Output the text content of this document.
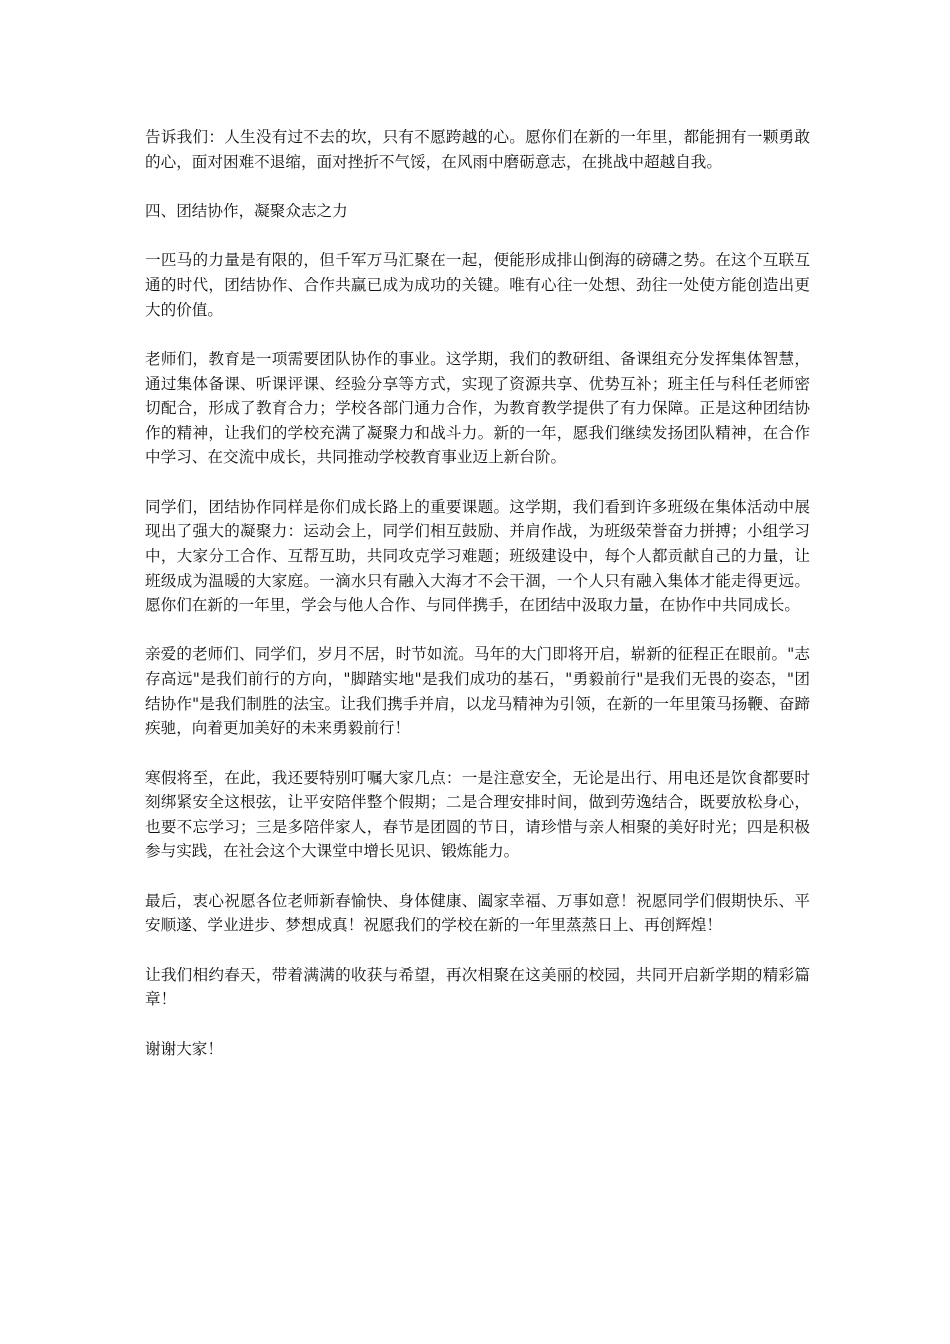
告诉我们：人生没有过不去的坎，只有不愿跨越的心。愿你们在新的一年里，都能拥有一颗勇敢的心，面对困难不退缩，面对挫折不气馁，在风雨中磨砺意志，在挑战中超越自我。

四、团结协作，凝聚众志之力

一匹马的力量是有限的，但千军万马汇聚在一起，便能形成排山倒海的磅礴之势。在这个互联互通的时代，团结协作、合作共赢已成为成功的关键。唯有心往一处想、劲往一处使方能创造出更大的价值。

老师们，教育是一项需要团队协作的事业。这学期，我们的教研组、备课组充分发挥集体智慧，通过集体备课、听课评课、经验分享等方式，实现了资源共享、优势互补；班主任与科任老师密切配合，形成了教育合力；学校各部门通力合作，为教育教学提供了有力保障。正是这种团结协作的精神，让我们的学校充满了凝聚力和战斗力。新的一年，愿我们继续发扬团队精神，在合作中学习、在交流中成长，共同推动学校教育事业迈上新台阶。

同学们，团结协作同样是你们成长路上的重要课题。这学期，我们看到许多班级在集体活动中展现出了强大的凝聚力：运动会上，同学们相互鼓励、并肩作战，为班级荣誉奋力拼搏；小组学习中，大家分工合作、互帮互助，共同攻克学习难题；班级建设中，每个人都贡献自己的力量，让班级成为温暖的大家庭。一滴水只有融入大海才不会干涸，一个人只有融入集体才能走得更远。愿你们在新的一年里，学会与他人合作、与同伴携手，在团结中汲取力量，在协作中共同成长。

亲爱的老师们、同学们，岁月不居，时节如流。马年的大门即将开启，崭新的征程正在眼前。"志存高远"是我们前行的方向，"脚踏实地"是我们成功的基石，"勇毅前行"是我们无畏的姿态，"团结协作"是我们制胜的法宝。让我们携手并肩，以龙马精神为引领，在新的一年里策马扬鞭、奋蹄疾驰，向着更加美好的未来勇毅前行！

寒假将至，在此，我还要特别叮嘱大家几点：一是注意安全，无论是出行、用电还是饮食都要时刻绑紧安全这根弦，让平安陪伴整个假期；二是合理安排时间，做到劳逸结合，既要放松身心，也要不忘学习；三是多陪伴家人，春节是团圆的节日，请珍惜与亲人相聚的美好时光；四是积极参与实践，在社会这个大课堂中增长见识、锻炼能力。

最后，衷心祝愿各位老师新春愉快、身体健康、阖家幸福、万事如意！祝愿同学们假期快乐、平安顺遂、学业进步、梦想成真！祝愿我们的学校在新的一年里蒸蒸日上、再创辉煌！

让我们相约春天，带着满满的收获与希望，再次相聚在这美丽的校园，共同开启新学期的精彩篇章！

谢谢大家！
